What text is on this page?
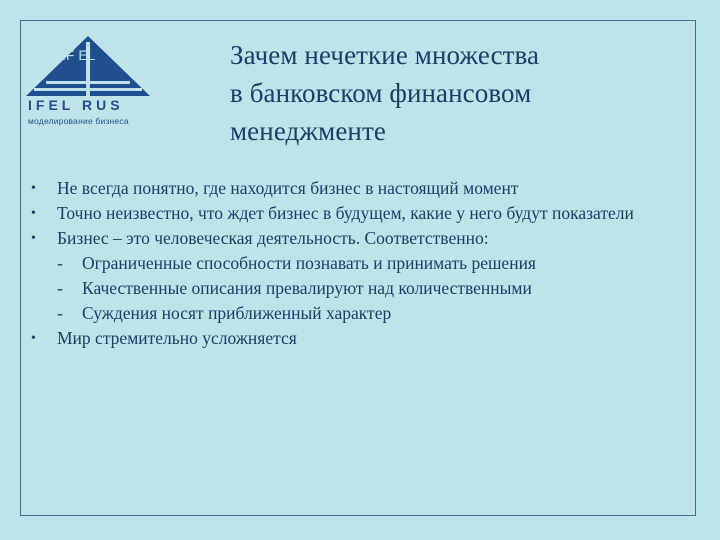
IF EL
IFEL RUS
моделирование бизнеса
Зачем нечеткие множества
в банковском финансовом
менеджменте
•	Не всегда понятно, где находится бизнес в настоящий момент
•	Точно неизвестно, что ждет бизнес в будущем, какие у него будут показатели
•	Бизнес – это человеческая деятельность. Соответственно:
-	Ограниченные способности познавать и принимать решения
-	Качественные описания превалируют над количественными
-	Суждения носят приближенный характер
•	Мир стремительно усложняется
